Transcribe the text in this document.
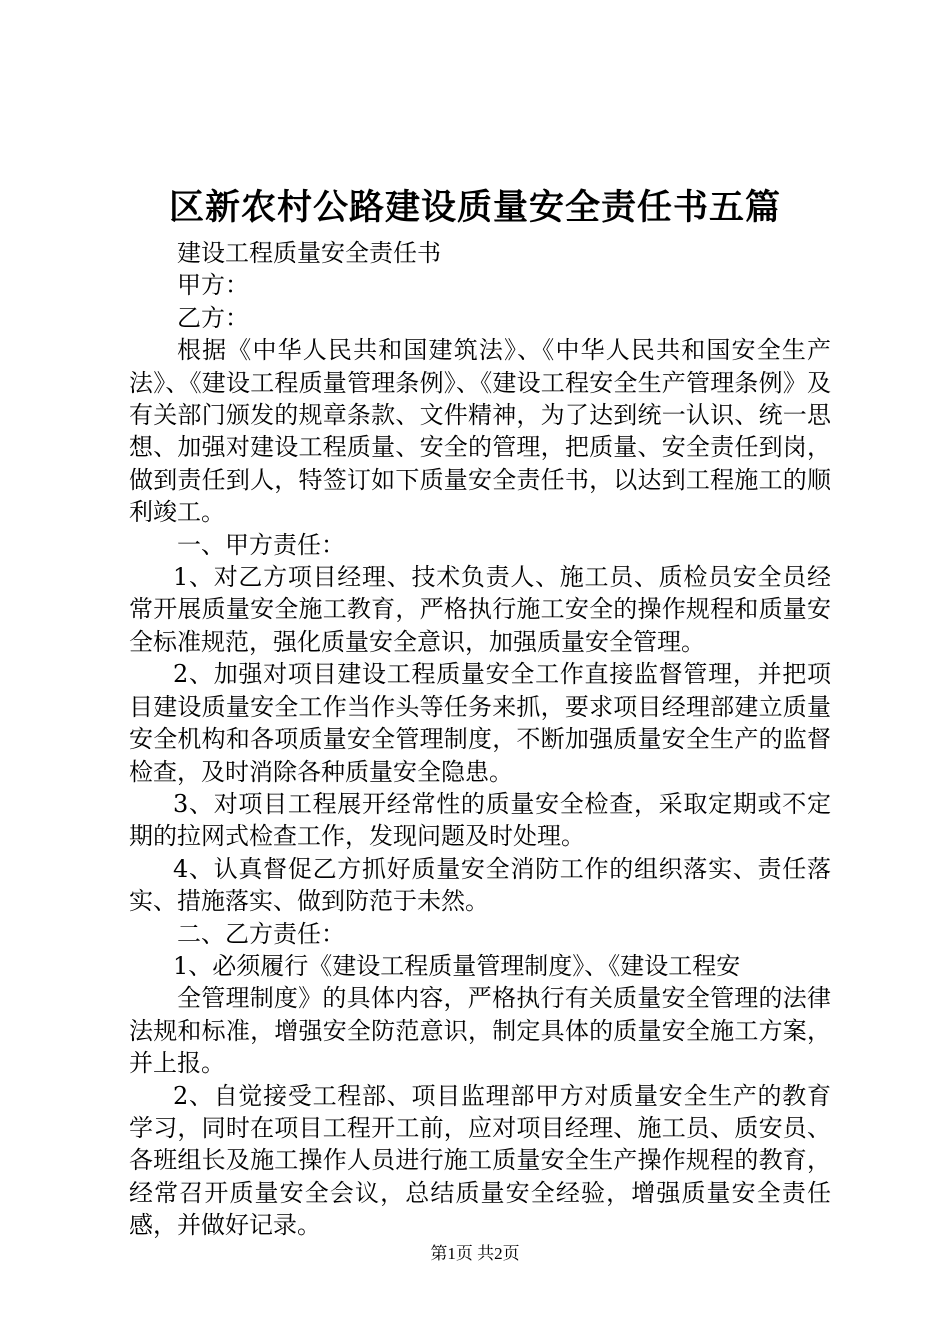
区新农村公路建设质量安全责任书五篇

建设工程质量安全责任书

甲方：

乙方：

根据《中华人民共和国建筑法》、《中华人民共和国安全生产法》、《建设工程质量管理条例》、《建设工程安全生产管理条例》及有关部门颁发的规章条款、文件精神，为了达到统一认识、统一思想、加强对建设工程质量、安全的管理，把质量、安全责任到岗，做到责任到人，特签订如下质量安全责任书，以达到工程施工的顺利竣工。

一、甲方责任：

1、对乙方项目经理、技术负责人、施工员、质检员安全员经常开展质量安全施工教育，严格执行施工安全的操作规程和质量安全标准规范，强化质量安全意识，加强质量安全管理。

2、加强对项目建设工程质量安全工作直接监督管理，并把项目建设质量安全工作当作头等任务来抓，要求项目经理部建立质量安全机构和各项质量安全管理制度，不断加强质量安全生产的监督检查，及时消除各种质量安全隐患。

3、对项目工程展开经常性的质量安全检查，采取定期或不定期的拉网式检查工作，发现问题及时处理。

4、认真督促乙方抓好质量安全消防工作的组织落实、责任落实、措施落实、做到防范于未然。

二、乙方责任：

1、必须履行《建设工程质量管理制度》、《建设工程安

全管理制度》的具体内容，严格执行有关质量安全管理的法律法规和标准，增强安全防范意识，制定具体的质量安全施工方案，并上报。

2、自觉接受工程部、项目监理部甲方对质量安全生产的教育学习，同时在项目工程开工前，应对项目经理、施工员、质安员、各班组长及施工操作人员进行施工质量安全生产操作规程的教育，经常召开质量安全会议，总结质量安全经验，增强质量安全责任感，并做好记录。

第1页 共2页
